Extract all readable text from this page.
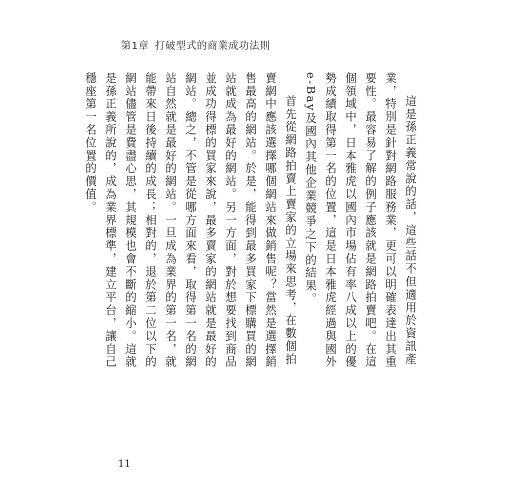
第1章 打破型式的商業成功法則

這是孫正義常說的話，這些話不但適用於資訊產業，特別是針對網路服務業，更可以明確表達出其重要性。最容易了解的例子應該就是網路拍賣吧。在這個領域中，日本雅虎以國內市場佔有率八成以上的優勢成績取得第一名的位置，這是日本雅虎經過與國外e-Bay及國內其他企業競爭之下的結果。

首先從網路拍賣上賣家的立場來思考，在數個拍賣網中應該選擇哪個網站來做銷售呢？當然是選擇銷售最高的網站。於是，能得到最多買家下標購買的網站就成為最好的網站。另一方面，對於想要找到商品並成功得標的買家來說，最多賣家的網站就是最好的網站。總之，不管是從哪方面來看，取得第一名的網站自然就是最好的網站。一旦成為業界的第一名，就能帶來日後持續的成長；相對的，退於第二位以下的網站儘管是費盡心思，其規模也會不斷的縮小。這就是孫正義所說的，成為業界標準，建立平台，讓自己穩座第一名位置的價值。

11
